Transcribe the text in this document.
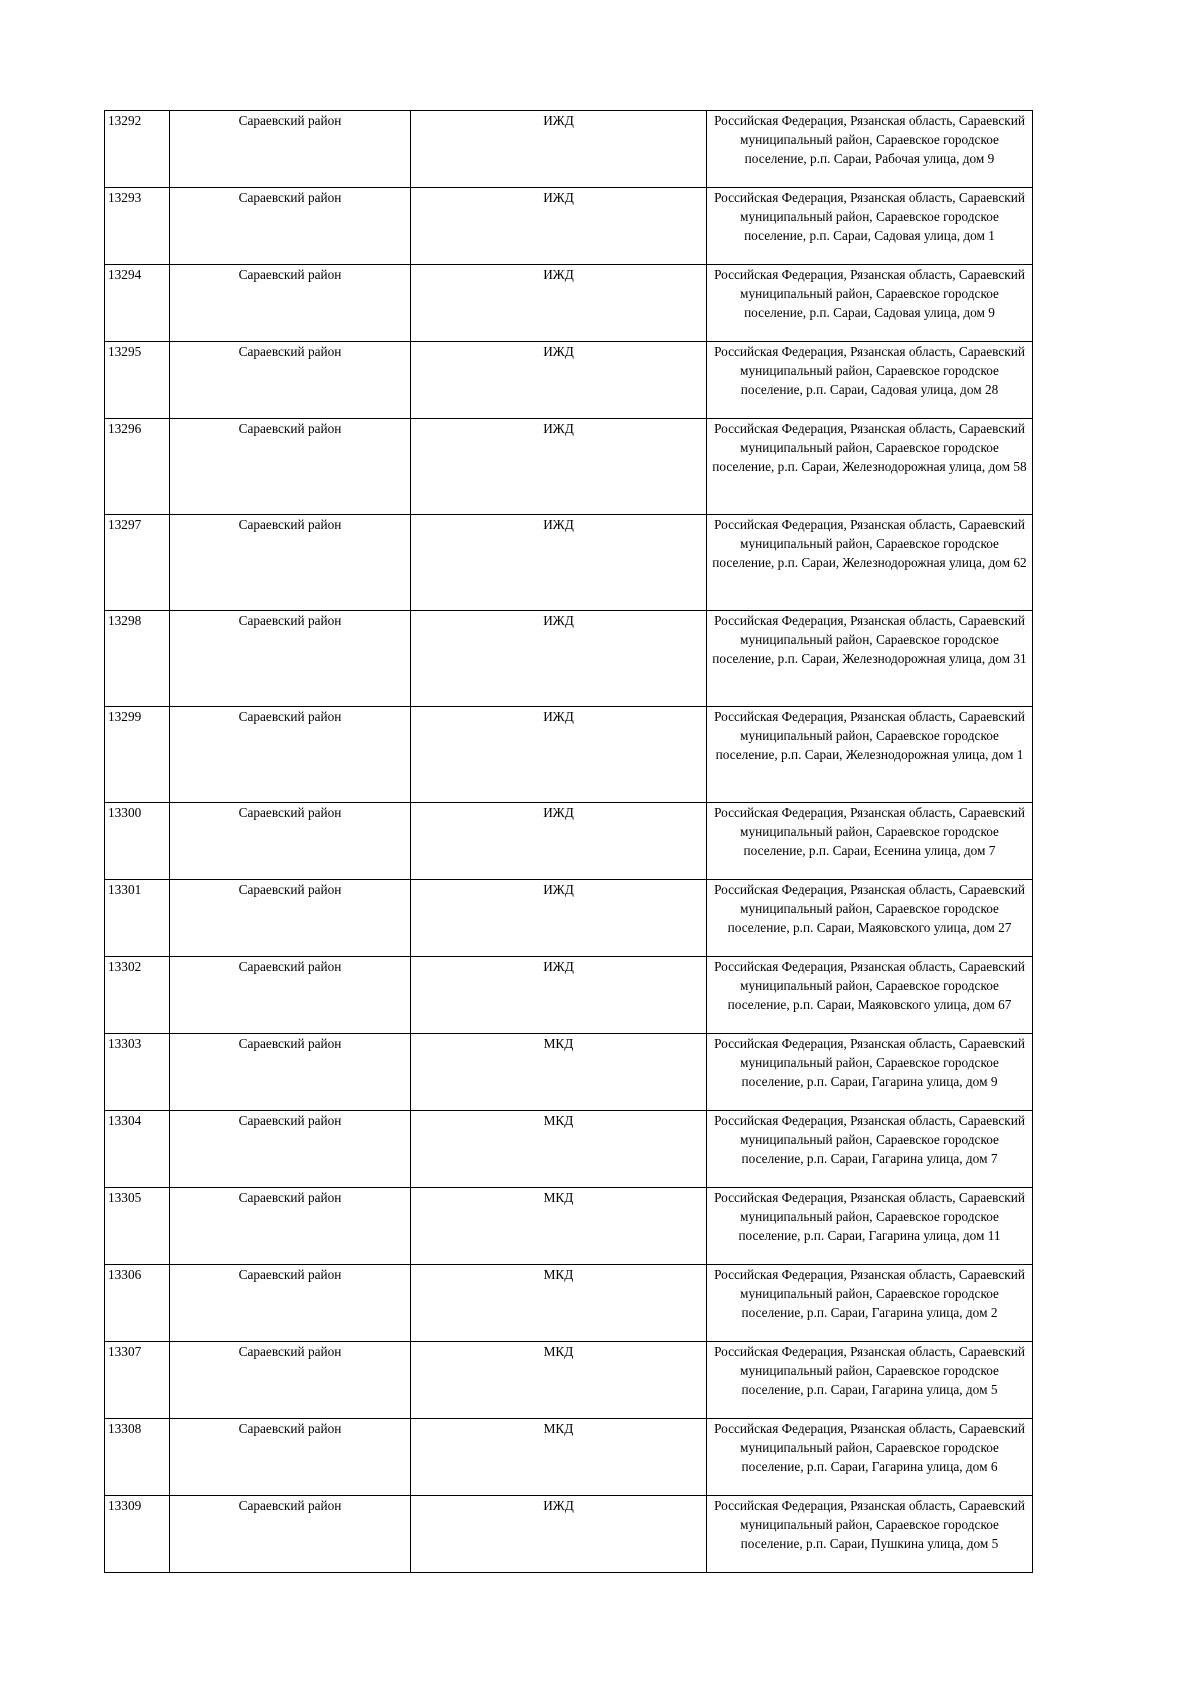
13292	Сараевский район	ИЖД	Российская Федерация, Рязанская область, Сараевский муниципальный район, Сараевское городское поселение, р.п. Сараи, Рабочая улица, дом 9
13293	Сараевский район	ИЖД	Российская Федерация, Рязанская область, Сараевский муниципальный район, Сараевское городское поселение, р.п. Сараи, Садовая улица, дом 1
13294	Сараевский район	ИЖД	Российская Федерация, Рязанская область, Сараевский муниципальный район, Сараевское городское поселение, р.п. Сараи, Садовая улица, дом 9
13295	Сараевский район	ИЖД	Российская Федерация, Рязанская область, Сараевский муниципальный район, Сараевское городское поселение, р.п. Сараи, Садовая улица, дом 28
13296	Сараевский район	ИЖД	Российская Федерация, Рязанская область, Сараевский муниципальный район, Сараевское городское поселение, р.п. Сараи, Железнодорожная улица, дом 58
13297	Сараевский район	ИЖД	Российская Федерация, Рязанская область, Сараевский муниципальный район, Сараевское городское поселение, р.п. Сараи, Железнодорожная улица, дом 62
13298	Сараевский район	ИЖД	Российская Федерация, Рязанская область, Сараевский муниципальный район, Сараевское городское поселение, р.п. Сараи, Железнодорожная улица, дом 31
13299	Сараевский район	ИЖД	Российская Федерация, Рязанская область, Сараевский муниципальный район, Сараевское городское поселение, р.п. Сараи, Железнодорожная улица, дом 1
13300	Сараевский район	ИЖД	Российская Федерация, Рязанская область, Сараевский муниципальный район, Сараевское городское поселение, р.п. Сараи, Есенина улица, дом 7
13301	Сараевский район	ИЖД	Российская Федерация, Рязанская область, Сараевский муниципальный район, Сараевское городское поселение, р.п. Сараи, Маяковского улица, дом 27
13302	Сараевский район	ИЖД	Российская Федерация, Рязанская область, Сараевский муниципальный район, Сараевское городское поселение, р.п. Сараи, Маяковского улица, дом 67
13303	Сараевский район	МКД	Российская Федерация, Рязанская область, Сараевский муниципальный район, Сараевское городское поселение, р.п. Сараи, Гагарина улица, дом 9
13304	Сараевский район	МКД	Российская Федерация, Рязанская область, Сараевский муниципальный район, Сараевское городское поселение, р.п. Сараи, Гагарина улица, дом 7
13305	Сараевский район	МКД	Российская Федерация, Рязанская область, Сараевский муниципальный район, Сараевское городское поселение, р.п. Сараи, Гагарина улица, дом 11
13306	Сараевский район	МКД	Российская Федерация, Рязанская область, Сараевский муниципальный район, Сараевское городское поселение, р.п. Сараи, Гагарина улица, дом 2
13307	Сараевский район	МКД	Российская Федерация, Рязанская область, Сараевский муниципальный район, Сараевское городское поселение, р.п. Сараи, Гагарина улица, дом 5
13308	Сараевский район	МКД	Российская Федерация, Рязанская область, Сараевский муниципальный район, Сараевское городское поселение, р.п. Сараи, Гагарина улица, дом 6
13309	Сараевский район	ИЖД	Российская Федерация, Рязанская область, Сараевский муниципальный район, Сараевское городское поселение, р.п. Сараи, Пушкина улица, дом 5
